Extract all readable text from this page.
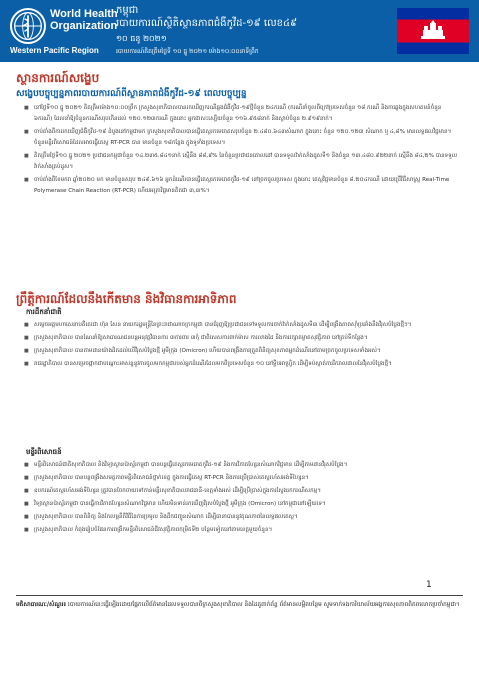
World Health
Organization
Western Pacific Region
កម្ពុជា
របាយការណ៍ស្ថិតិស្ថានភាពជំងឺកូវីដ-១៩ លេខ៤៩
១០ ធនូ ២០២១
របាយការណ៍គិតត្រឹមថ្ងៃទី ១០ ធ្នូ ២០២១ ម៉ោង១០:០០នាទីព្រឹក
ស្ថានការណ៍សង្ខេប
សង្ខេបបច្ចុប្បន្នភាពរបាយការណ៍ពីស្ថានភាពជំងឺកូវីដ-១៩ ពេលបច្ចុប្បន្ន
■ នៅថ្ងៃទី១០ ធ្នូ ២០២១ គិតត្រឹមម៉ោង១០:០០ព្រឹក ក្រសួងសុខាភិបាលបានរកឃើញករណីឆ្លងជំងឺកូវីដ-១៩ថ្មីចំនួន ២៤ករណី (ករណីនាំចូលពីក្រៅប្រទេសចំនួន ១៨ ករណី និងការឆ្លងក្នុងសហគមន៍ចំនួន ៦ករណី) ដែលនាំឱ្យចំនួនករណីសរុបកើនដល់ ១២០.១២៣ករណី ក្នុងនោះ អ្នកជាសះស្បើយចំនួន ១១៦.៩៥៨នាក់ និងស្លាប់ចំនួន ២.៩១៩នាក់។
■ ចាប់តាំងពីការរកឃើញជំងឺកូវីដ-១៩ ដំបូងនៅកម្ពុជាមក ក្រសួងសុខាភិបាលបានធ្វើតេស្តរកមេរោគសរុបចំនួន ២.៤៨០.៦៤៣សំណាក ក្នុងនោះ ចំនួន ១២០.១២៣ សំណាក ឬ ៤,៨% មានលទ្ធផលវិជ្ជមាន។ ចំនួនមន្ទីរពិសោធន៍ដែលអាចធ្វើតេស្ត RT-PCR បាន មានចំនួន ១៨កន្លែង ក្នុងទូទាំងប្រទេស។
■ គិតត្រឹមថ្ងៃទី១០ ធ្នូ ២០២១ ប្រជាជនកម្ពុជាចំនួន ១៤.២៣៥.៨៤១នាក់ ស្មើនឹង ៨៨,៩% នៃចំនួនប្រជាជនគោលដៅ បានទទួលវ៉ាក់សាំងដូសទី១ និងចំនួន ១៣.៤៨០.៩២២នាក់ ស្មើនឹង ៨៤,២% បានទទួលវ៉ាក់សាំងគ្រប់ដូស។
■ ចាប់តាំងពីខែមករា ឆ្នាំ២០២០ មក មានចំនួនសរុប ២៤៩.៦១៦ អ្នកដំណើរបានធ្វើតេស្តរកមេរោគកូវីដ-១៩ នៅច្រកចូលប្រទេស ក្នុងនោះ តេស្តវិជ្ជមានចំនួន ៨.២០៤ករណី ដោយប្រើវិធីសាស្ត្រ Real-Time Polymerase Chain Reaction (RT-PCR) ហើយអត្រាវិជ្ជមានគិតជា ៣,៣%។
ព្រឹត្តិការណ៍ដែលនឹងកើតមាន និងវិធានការអាទិភាព
ការដឹកនាំជាតិ
■ សម្តេចអគ្គមហាសេនាបតីតេជោ ហ៊ុន សែន នាយករដ្ឋមន្ត្រីនៃព្រះរាជាណាចក្រកម្ពុជា បានជំរុញឱ្យប្រជាជនទៅទទួលការចាក់វ៉ាក់សាំងដូសទី៣ ដើម្បីពង្រឹងភាពស៊ាំប្រឆាំងនឹងវីរុសបំប្លែងថ្មីៗ។
■ ក្រសួងសុខាភិបាល បានណែនាំឱ្យសាធារណជនបន្តអនុវត្តវិធានការ ៣ការពារ ៣កុំ ជាពិសេសការពាក់ម៉ាស ការលាងដៃ និងការរក្សាគម្លាតសុវត្ថិភាព នៅគ្រប់ទីកន្លែង។
■ ក្រសួងសុខាភិបាល បានតាមដានយ៉ាងដិតដល់លើវីរុសបំប្លែងថ្មី អូមីក្រុង (Omicron) ហើយបានពង្រឹងការត្រួតពិនិត្យសុខភាពអ្នកដំណើរនៅតាមច្រកចូលប្រទេសទាំងអស់។
■ រាជរដ្ឋាភិបាល បានសម្រេចផ្អាកជាបណ្តោះអាសន្ននូវការចូលមកកម្ពុជារបស់អ្នកដំណើរដែលមកពីប្រទេសចំនួន ១០ នៅទ្វីបអាហ្វ្រិក ដើម្បីទប់ស្កាត់ការរីករាលដាលនៃវីរុសបំប្លែងថ្មី។
មន្ទីរពិសោធន៍
■ មន្ទីរពិសោធន៍ជាតិសុខាភិបាល និងវិទ្យាស្ថានប៉ាស្ទ័រកម្ពុជា បានបន្តធ្វើតេស្តរកមេរោគកូវីដ-១៩ និងការវិភាគហ្សែនសំណាកវិជ្ជមាន ដើម្បីតាមដានវីរុសបំប្លែង។
■ ក្រសួងសុខាភិបាល បានបន្តពង្រឹងសមត្ថភាពមន្ទីរពិសោធន៍ថ្នាក់ខេត្ត ក្នុងការធ្វើតេស្ត RT-PCR និងការប្រើប្រាស់តេស្តរហ័សអង់ទីហ្សែន។
■ ឧបករណ៍តេស្តរហ័សអង់ទីហ្សែន ត្រូវបានចែកចាយទៅកាន់មន្ទីរសុខាភិបាលរាជធានី-ខេត្តទាំងអស់ ដើម្បីប្រើប្រាស់ក្នុងការស្វែងរកករណីសកម្ម។
■ វិទ្យាស្ថានប៉ាស្ទ័រកម្ពុជា បានធ្វើការវិភាគហ្សែនសំណាកវិជ្ជមាន ហើយមិនទាន់រកឃើញវីរុសបំប្លែងថ្មី អូមីក្រុង (Omicron) នៅកម្ពុជានៅឡើយទេ។
■ ក្រសួងសុខាភិបាល បានពិនិត្យ និងកែលម្អនីតិវិធីនៃការប្រមូល និងដឹកជញ្ជូនសំណាក ដើម្បីធានាបាននូវគុណភាពនៃលទ្ធផលតេស្ត។
■ ក្រសួងសុខាភិបាល កំពុងរៀបចំផែនការពង្រីកមន្ទីរពិសោធន៍ជីវសុវត្ថិភាពកម្រិតទី២ បន្ថែមទៀតនៅតាមខេត្តមួយចំនួន។
1
មតិសាធារណៈ/សំណួរ៖ របាយការណ៍នេះធ្វើឡើងដោយផ្អែកលើព័ត៌មានដែលទទួលបានពីក្រសួងសុខាភិបាល និងដៃគូពាក់ព័ន្ធ ព័ត៌មានលម្អិតបន្ថែម សូមទាក់ទងការិយាល័យអង្គការសុខភាពពិភពលោកប្រចាំកម្ពុជា។
